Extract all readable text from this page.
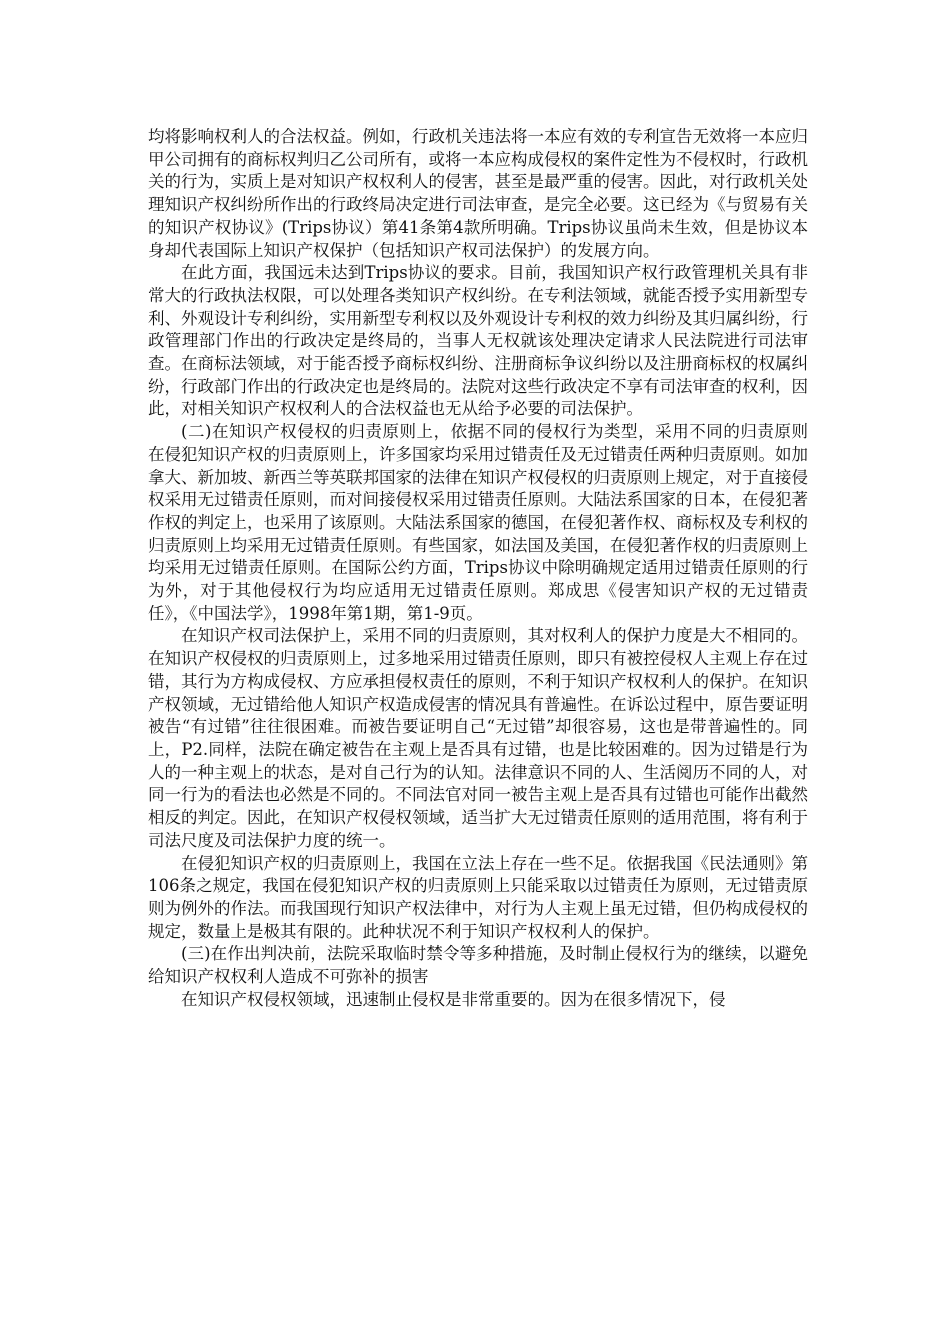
均将影响权利人的合法权益。例如，行政机关违法将一本应有效的专利宣告无效将一本应归甲公司拥有的商标权判归乙公司所有，或将一本应构成侵权的案件定性为不侵权时，行政机关的行为，实质上是对知识产权权利人的侵害，甚至是最严重的侵害。因此，对行政机关处理知识产权纠纷所作出的行政终局决定进行司法审查，是完全必要。这已经为《与贸易有关的知识产权协议》(Trips协议）第41条第4款所明确。Trips协议虽尚未生效，但是协议本身却代表国际上知识产权保护（包括知识产权司法保护）的发展方向。

在此方面，我国远未达到Trips协议的要求。目前，我国知识产权行政管理机关具有非常大的行政执法权限，可以处理各类知识产权纠纷。在专利法领域，就能否授予实用新型专利、外观设计专利纠纷，实用新型专利权以及外观设计专利权的效力纠纷及其归属纠纷，行政管理部门作出的行政决定是终局的，当事人无权就该处理决定请求人民法院进行司法审查。在商标法领域，对于能否授予商标权纠纷、注册商标争议纠纷以及注册商标权的权属纠纷，行政部门作出的行政决定也是终局的。法院对这些行政决定不享有司法审查的权利，因此，对相关知识产权权利人的合法权益也无从给予必要的司法保护。

(二)在知识产权侵权的归责原则上，依据不同的侵权行为类型，采用不同的归责原则　在侵犯知识产权的归责原则上，许多国家均采用过错责任及无过错责任两种归责原则。如加拿大、新加坡、新西兰等英联邦国家的法律在知识产权侵权的归责原则上规定，对于直接侵权采用无过错责任原则，而对间接侵权采用过错责任原则。大陆法系国家的日本，在侵犯著作权的判定上，也采用了该原则。大陆法系国家的德国，在侵犯著作权、商标权及专利权的归责原则上均采用无过错责任原则。有些国家，如法国及美国，在侵犯著作权的归责原则上均采用无过错责任原则。在国际公约方面，Trips协议中除明确规定适用过错责任原则的行为外，对于其他侵权行为均应适用无过错责任原则。郑成思《侵害知识产权的无过错责任》，《中国法学》，1998年第1期，第1-9页。

在知识产权司法保护上，采用不同的归责原则，其对权利人的保护力度是大不相同的。在知识产权侵权的归责原则上，过多地采用过错责任原则，即只有被控侵权人主观上存在过错，其行为方构成侵权、方应承担侵权责任的原则，不利于知识产权权利人的保护。在知识产权领域，无过错给他人知识产权造成侵害的情况具有普遍性。在诉讼过程中，原告要证明被告“有过错”往往很困难。而被告要证明自己“无过错”却很容易，这也是带普遍性的。同上，P2.同样，法院在确定被告在主观上是否具有过错，也是比较困难的。因为过错是行为人的一种主观上的状态，是对自己行为的认知。法律意识不同的人、生活阅历不同的人，对同一行为的看法也必然是不同的。不同法官对同一被告主观上是否具有过错也可能作出截然相反的判定。因此，在知识产权侵权领域，适当扩大无过错责任原则的适用范围，将有利于司法尺度及司法保护力度的统一。

在侵犯知识产权的归责原则上，我国在立法上存在一些不足。依据我国《民法通则》第106条之规定，我国在侵犯知识产权的归责原则上只能采取以过错责任为原则，无过错责原则为例外的作法。而我国现行知识产权法律中，对行为人主观上虽无过错，但仍构成侵权的规定，数量上是极其有限的。此种状况不利于知识产权权利人的保护。

(三)在作出判决前，法院采取临时禁令等多种措施，及时制止侵权行为的继续，以避免给知识产权权利人造成不可弥补的损害

在知识产权侵权领域，迅速制止侵权是非常重要的。因为在很多情况下，侵
